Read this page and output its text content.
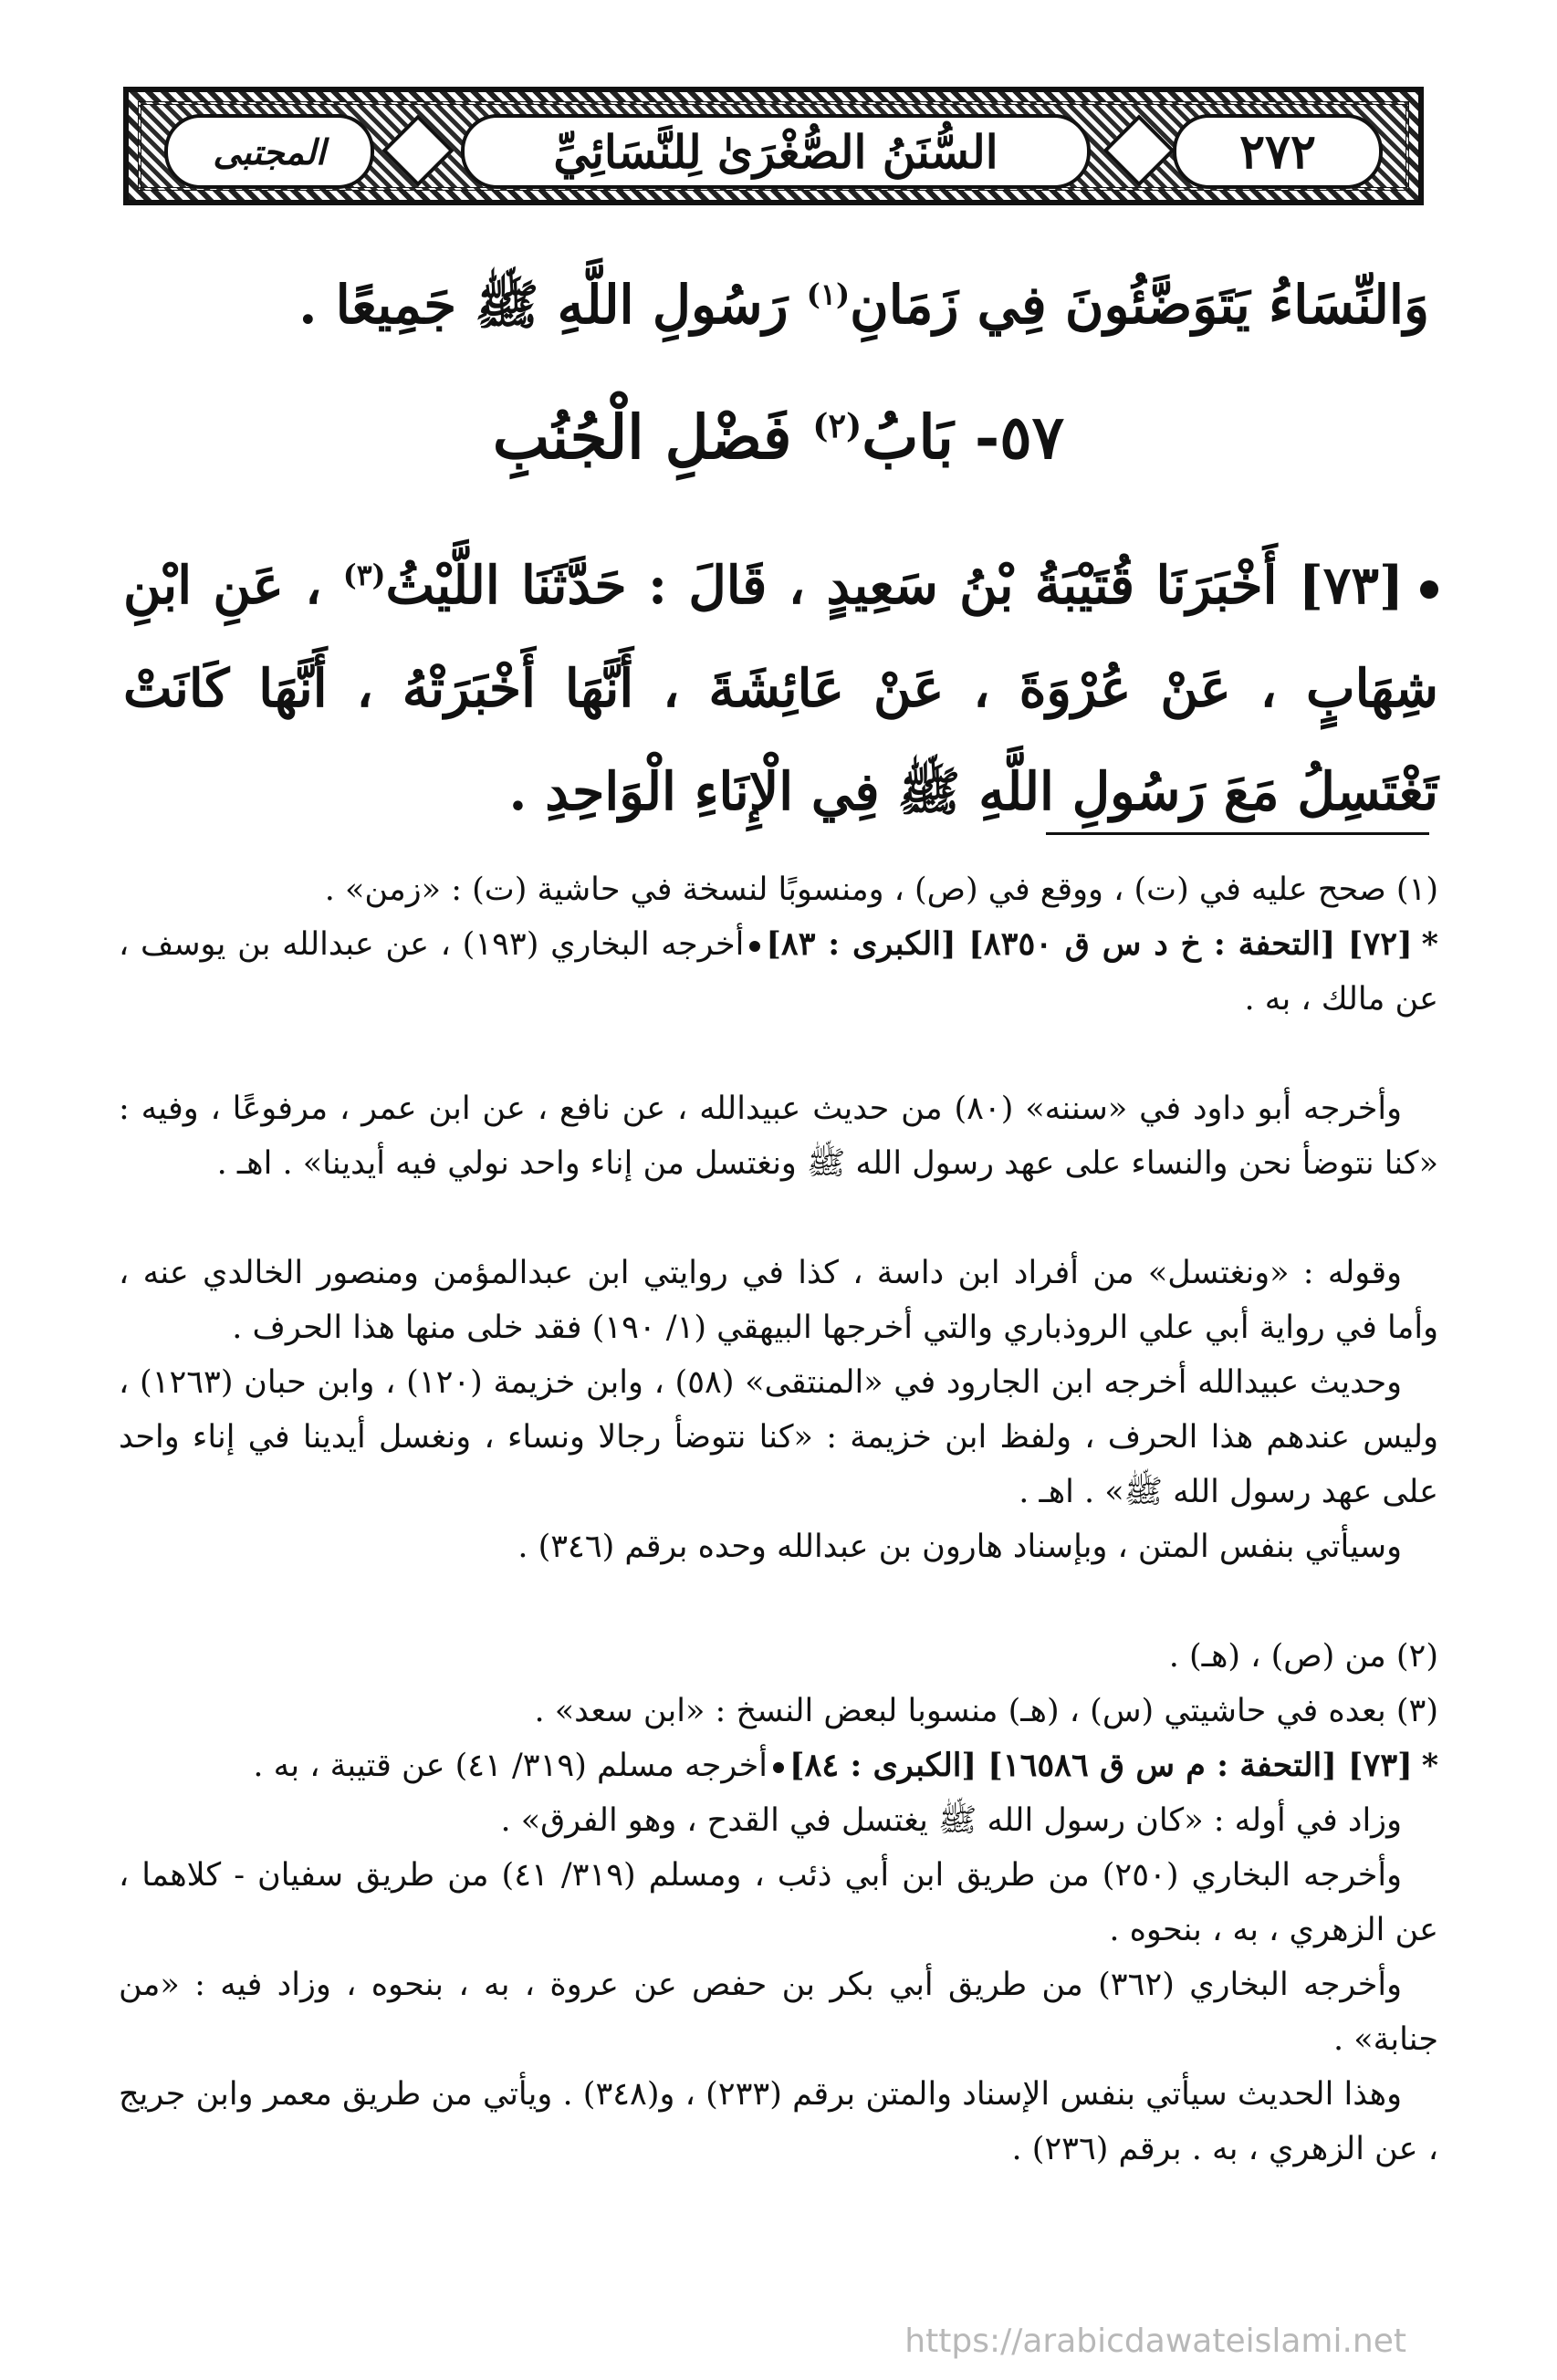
المجتبى	السُّنَنُ الصُّغْرَىٰ لِلنَّسَائِيِّ	٢٧٢
وَالنِّسَاءُ يَتَوَضَّئُونَ فِي زَمَانِ$^{(١)}$ رَسُولِ اللَّهِ ﷺ جَمِيعًا .
٥٧- بَابُ$^{(٢)}$ فَضْلِ الْجُنُبِ
[٧٣] أَخْبَرَنَا قُتَيْبَةُ بْنُ سَعِيدٍ ، قَالَ : حَدَّثَنَا اللَّيْثُ$^{(٣)}$ ، عَنِ ابْنِ شِهَابٍ ، عَنْ عُرْوَةَ ، عَنْ عَائِشَةَ ، أَنَّهَا أَخْبَرَتْهُ ، أَنَّهَا كَانَتْ تَغْتَسِلُ مَعَ رَسُولِ اللَّهِ ﷺ فِي الْإِنَاءِ الْوَاحِدِ .
(١) صحح عليه في (ت) ، ووقع في (ص) ، ومنسوبًا لنسخة في حاشية (ت) : «زمن» .
*[٧٢] [التحفة : خ د س ق ٨٣٥٠] [الكبرى : ٨٣]أخرجه البخاري (١٩٣) ، عن عبدالله بن يوسف ، عن مالك ، به .
وأخرجه أبو داود في «سننه» (٨٠) من حديث عبيدالله ، عن نافع ، عن ابن عمر ، مرفوعًا ، وفيه : «كنا نتوضأ نحن والنساء على عهد رسول الله ﷺ ونغتسل من إناء واحد نولي فيه أيدينا» . اهـ .
وقوله : «ونغتسل» من أفراد ابن داسة ، كذا في روايتي ابن عبدالمؤمن ومنصور الخالدي عنه ، وأما في رواية أبي علي الروذباري والتي أخرجها البيهقي (١/ ١٩٠) فقد خلى منها هذا الحرف .
وحديث عبيدالله أخرجه ابن الجارود في «المنتقى» (٥٨) ، وابن خزيمة (١٢٠) ، وابن حبان (١٢٦٣) ، وليس عندهم هذا الحرف ، ولفظ ابن خزيمة : «كنا نتوضأ رجالا ونساء ، ونغسل أيدينا في إناء واحد على عهد رسول الله ﷺ» . اهـ .
وسيأتي بنفس المتن ، وبإسناد هارون بن عبدالله وحده برقم (٣٤٦) .
(٢) من (ص) ، (هـ) .
(٣) بعده في حاشيتي (س) ، (هـ) منسوبا لبعض النسخ : «ابن سعد» .
*[٧٣] [التحفة : م س ق ١٦٥٨٦] [الكبرى : ٨٤]أخرجه مسلم (٣١٩/ ٤١) عن قتيبة ، به .
وزاد في أوله : «كان رسول الله ﷺ يغتسل في القدح ، وهو الفرق» .
وأخرجه البخاري (٢٥٠) من طريق ابن أبي ذئب ، ومسلم (٣١٩/ ٤١) من طريق سفيان - كلاهما ، عن الزهري ، به ، بنحوه .
وأخرجه البخاري (٣٦٢) من طريق أبي بكر بن حفص عن عروة ، به ، بنحوه ، وزاد فيه : «من جنابة» .
وهذا الحديث سيأتي بنفس الإسناد والمتن برقم (٢٣٣) ، و(٣٤٨) . ويأتي من طريق معمر وابن جريج ، عن الزهري ، به . برقم (٢٣٦) .
https://arabicdawateislami.net
